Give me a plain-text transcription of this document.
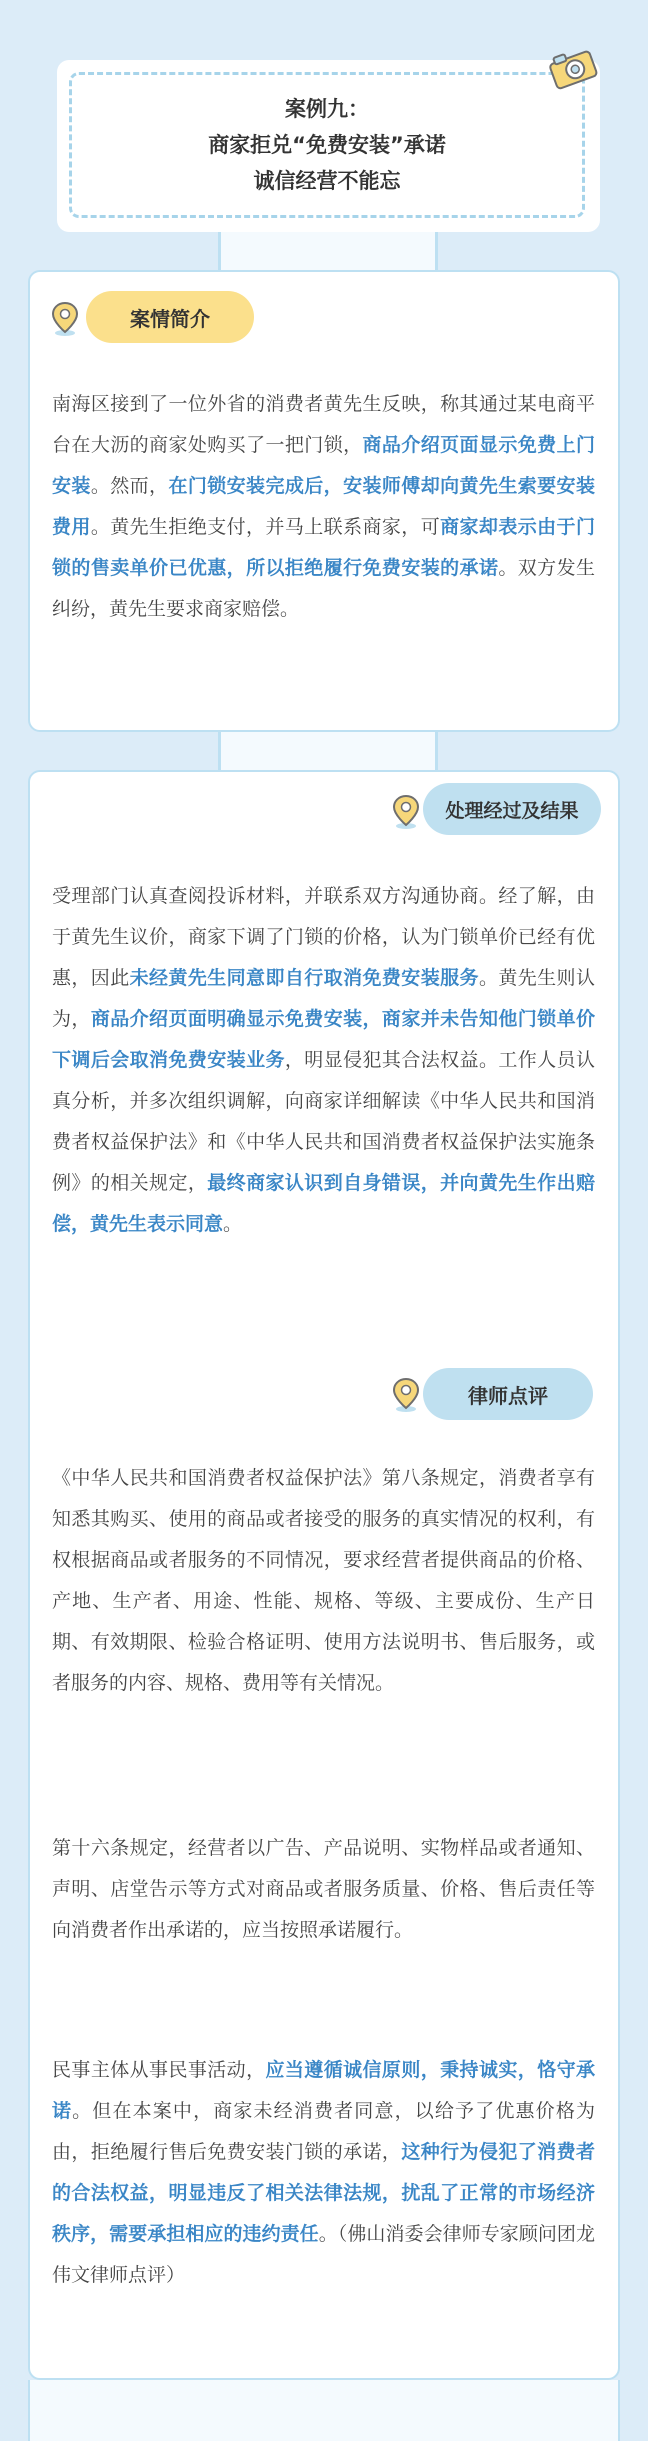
案例九：
商家拒兑“免费安装”承诺
诚信经营不能忘
案情简介

南海区接到了一位外省的消费者黄先生反映，称其通过某电商平台在大沥的商家处购买了一把门锁，商品介绍页面显示免费上门安装。然而，在门锁安装完成后，安装师傅却向黄先生索要安装费用。黄先生拒绝支付，并马上联系商家，可商家却表示由于门锁的售卖单价已优惠，所以拒绝履行免费安装的承诺。双方发生纠纷，黄先生要求商家赔偿。

处理经过及结果

受理部门认真查阅投诉材料，并联系双方沟通协商。经了解，由于黄先生议价，商家下调了门锁的价格，认为门锁单价已经有优惠，因此未经黄先生同意即自行取消免费安装服务。黄先生则认为，商品介绍页面明确显示免费安装，商家并未告知他门锁单价下调后会取消免费安装业务，明显侵犯其合法权益。工作人员认真分析，并多次组织调解，向商家详细解读《中华人民共和国消费者权益保护法》和《中华人民共和国消费者权益保护法实施条例》的相关规定，最终商家认识到自身错误，并向黄先生作出赔偿，黄先生表示同意。

律师点评

《中华人民共和国消费者权益保护法》第八条规定，消费者享有知悉其购买、使用的商品或者接受的服务的真实情况的权利，有权根据商品或者服务的不同情况，要求经营者提供商品的价格、产地、生产者、用途、性能、规格、等级、主要成份、生产日期、有效期限、检验合格证明、使用方法说明书、售后服务，或者服务的内容、规格、费用等有关情况。

第十六条规定，经营者以广告、产品说明、实物样品或者通知、声明、店堂告示等方式对商品或者服务质量、价格、售后责任等向消费者作出承诺的，应当按照承诺履行。

民事主体从事民事活动，应当遵循诚信原则，秉持诚实，恪守承诺。但在本案中，商家未经消费者同意，以给予了优惠价格为由，拒绝履行售后免费安装门锁的承诺，这种行为侵犯了消费者的合法权益，明显违反了相关法律法规，扰乱了正常的市场经济秩序，需要承担相应的违约责任。（佛山消委会律师专家顾问团龙伟文律师点评）
